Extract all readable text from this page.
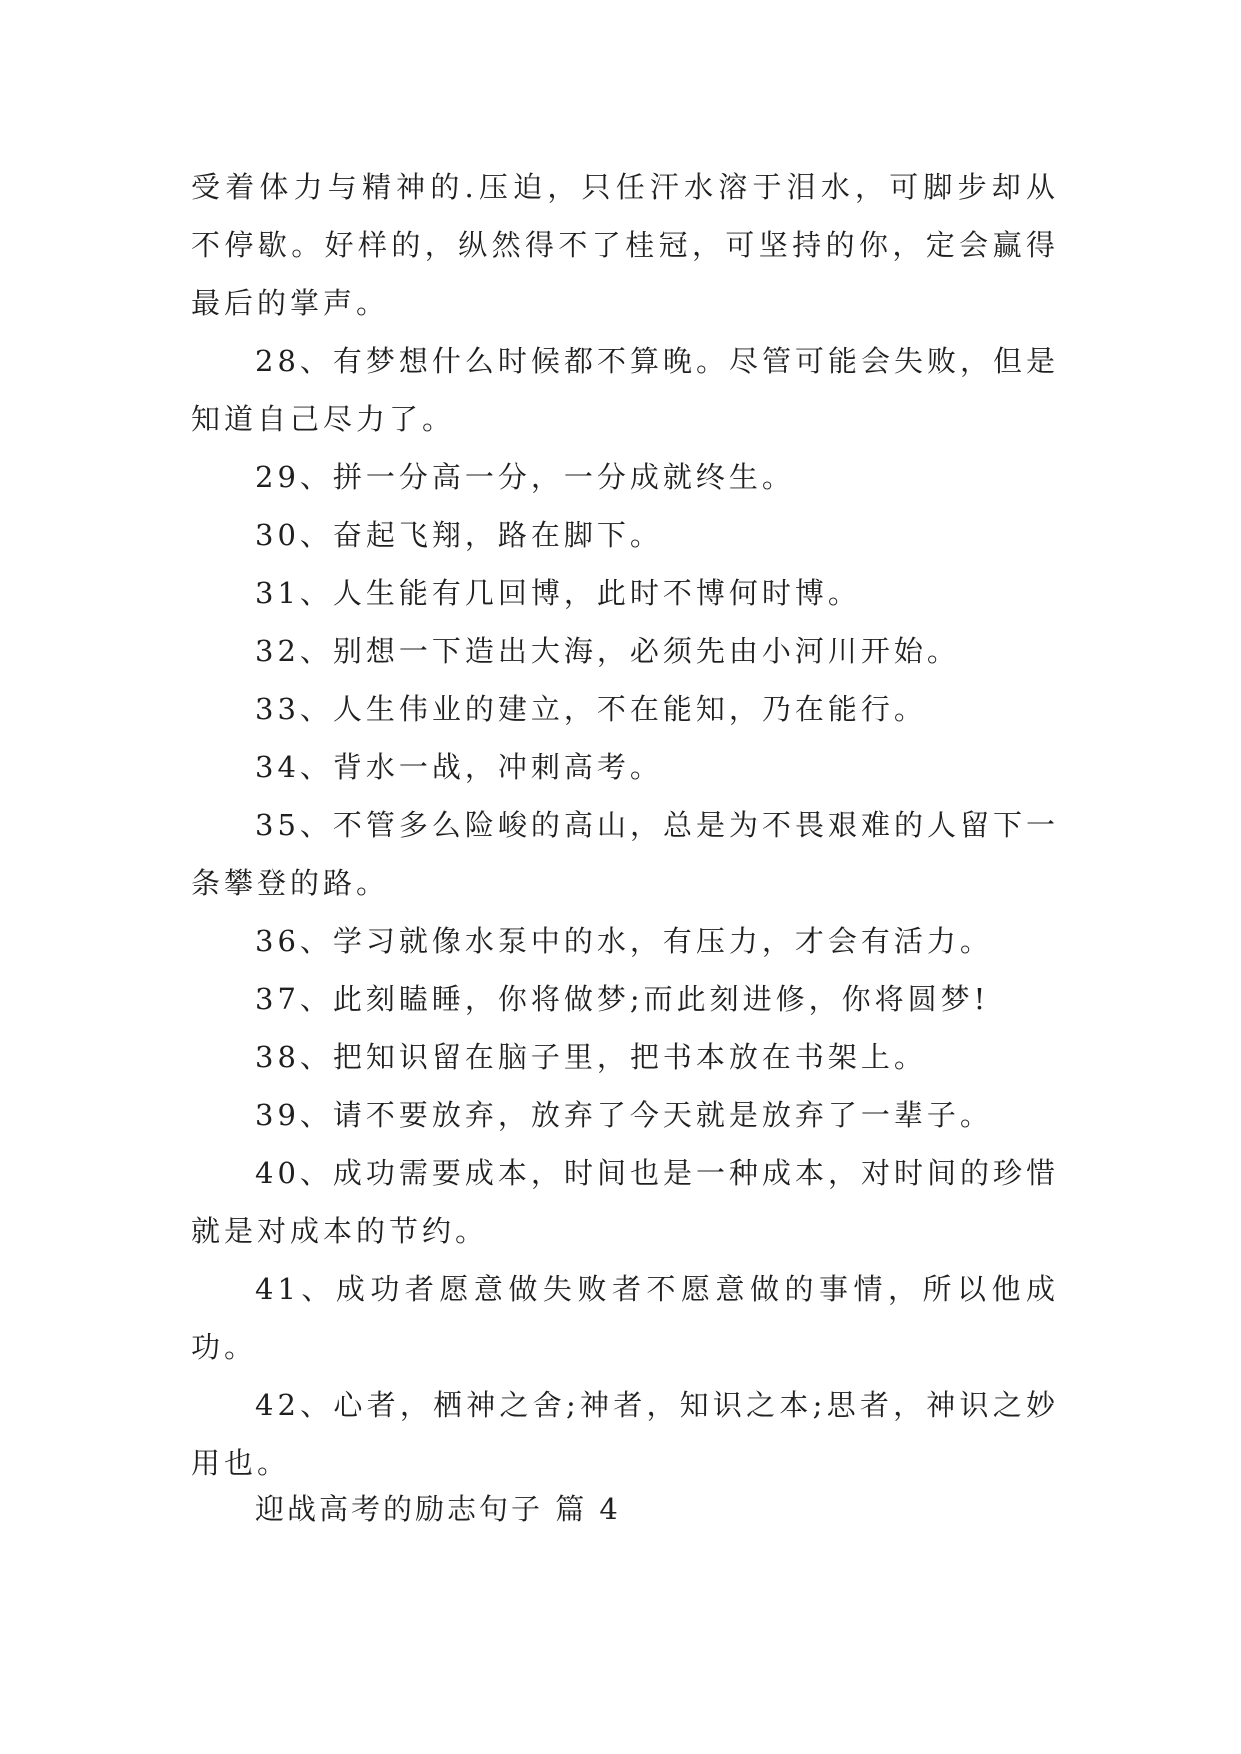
受着体力与精神的.压迫，只任汗水溶于泪水，可脚步却从不停歇。好样的，纵然得不了桂冠，可坚持的你，定会赢得最后的掌声。

28、有梦想什么时候都不算晚。尽管可能会失败，但是知道自己尽力了。

29、拼一分高一分，一分成就终生。

30、奋起飞翔，路在脚下。

31、人生能有几回博，此时不博何时博。

32、别想一下造出大海，必须先由小河川开始。

33、人生伟业的建立，不在能知，乃在能行。

34、背水一战，冲刺高考。

35、不管多么险峻的高山，总是为不畏艰难的人留下一条攀登的路。

36、学习就像水泵中的水，有压力，才会有活力。

37、此刻瞌睡，你将做梦;而此刻进修，你将圆梦!

38、把知识留在脑子里，把书本放在书架上。

39、请不要放弃，放弃了今天就是放弃了一辈子。

40、成功需要成本，时间也是一种成本，对时间的珍惜就是对成本的节约。

41、成功者愿意做失败者不愿意做的事情，所以他成功。

42、心者，栖神之舍;神者，知识之本;思者，神识之妙用也。

迎战高考的励志句子 篇 4
